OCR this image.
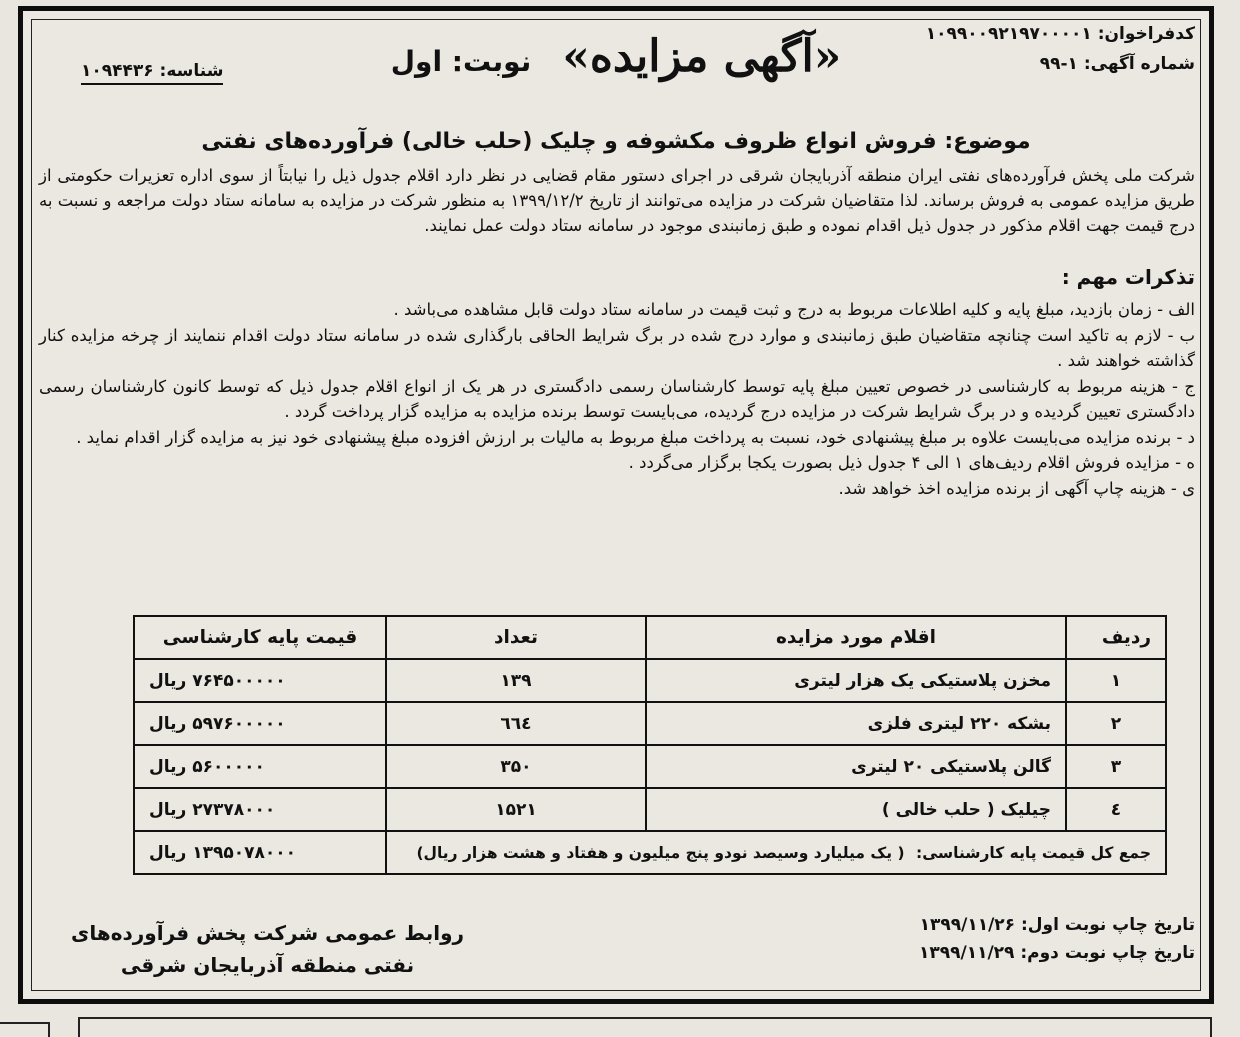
کدفراخوان: ۱۰۹۹۰۰۹۲۱۹۷۰۰۰۰۱
شماره آگهی: ۱-۹۹
«آگهی مزایده» نوبت: اول
شناسه: ۱۰۹۴۴۳۶
موضوع: فروش انواع ظروف مکشوفه و چلیک (حلب خالی) فرآورده‌های نفتی
شرکت ملی پخش فرآورده‌های نفتی ایران منطقه آذربایجان شرقی در اجرای دستور مقام قضایی در نظر دارد اقلام جدول ذیل را نیابتاً از سوی اداره تعزیرات حکومتی از طریق مزایده عمومی به فروش برساند. لذا متقاضیان شرکت در مزایده می‌توانند از تاریخ ۱۳۹۹/۱۲/۲ به منظور شرکت در مزایده به سامانه ستاد دولت مراجعه و نسبت به درج قیمت جهت اقلام مذکور در جدول ذیل اقدام نموده و طبق زمانبندی موجود در سامانه ستاد دولت عمل نمایند.
تذکرات مهم :

الف - زمان بازدید، مبلغ پایه و کلیه اطلاعات مربوط به درج و ثبت قیمت در سامانه ستاد دولت قابل مشاهده می‌باشد .

ب - لازم به تاکید است چنانچه متقاضیان طبق زمانبندی و موارد درج شده در برگ شرایط الحاقی بارگذاری شده در سامانه ستاد دولت اقدام ننمایند از چرخه مزایده کنار گذاشته خواهند شد .

ج - هزینه مربوط به کارشناسی در خصوص تعیین مبلغ پایه توسط کارشناسان رسمی دادگستری در هر یک از انواع اقلام جدول ذیل که توسط کانون کارشناسان رسمی دادگستری تعیین گردیده و در برگ شرایط شرکت در مزایده درج گردیده، می‌بایست توسط برنده مزایده به مزایده گزار پرداخت گردد .

د - برنده مزایده می‌بایست علاوه بر مبلغ پیشنهادی خود، نسبت به پرداخت مبلغ مربوط به مالیات بر ارزش افزوده مبلغ پیشنهادی خود نیز به مزایده گزار اقدام نماید .

ه - مزایده فروش اقلام ردیف‌های ۱ الی ۴ جدول ذیل بصورت یکجا برگزار می‌گردد .

ی - هزینه چاپ آگهی از برنده مزایده اخذ خواهد شد.

ردیف	اقلام مورد مزایده	تعداد	قیمت پایه کارشناسی
۱	مخزن پلاستیکی یک هزار لیتری	۱۳۹	۷۶۴۵۰۰۰۰۰ ریال
۲	بشکه ۲۲۰ لیتری فلزی	٦٦٤	۵۹۷۶۰۰۰۰۰ ریال
۳	گالن پلاستیکی ۲۰ لیتری	۳۵۰	۵۶۰۰۰۰۰ ریال
٤	چیلیک ( حلب خالی )	۱۵۲۱	۲۷۳۷۸۰۰۰ ریال
جمع کل قیمت پایه کارشناسی: ( یک میلیارد وسیصد نودو پنج میلیون و هفتاد و هشت هزار ریال)			۱۳۹۵۰۷۸۰۰۰ ریال
تاریخ چاپ نوبت اول: ۱۳۹۹/۱۱/۲۶
تاریخ چاپ نوبت دوم: ۱۳۹۹/۱۱/۲۹
روابط عمومی شرکت پخش فرآورده‌های
نفتی منطقه آذربایجان شرقی
